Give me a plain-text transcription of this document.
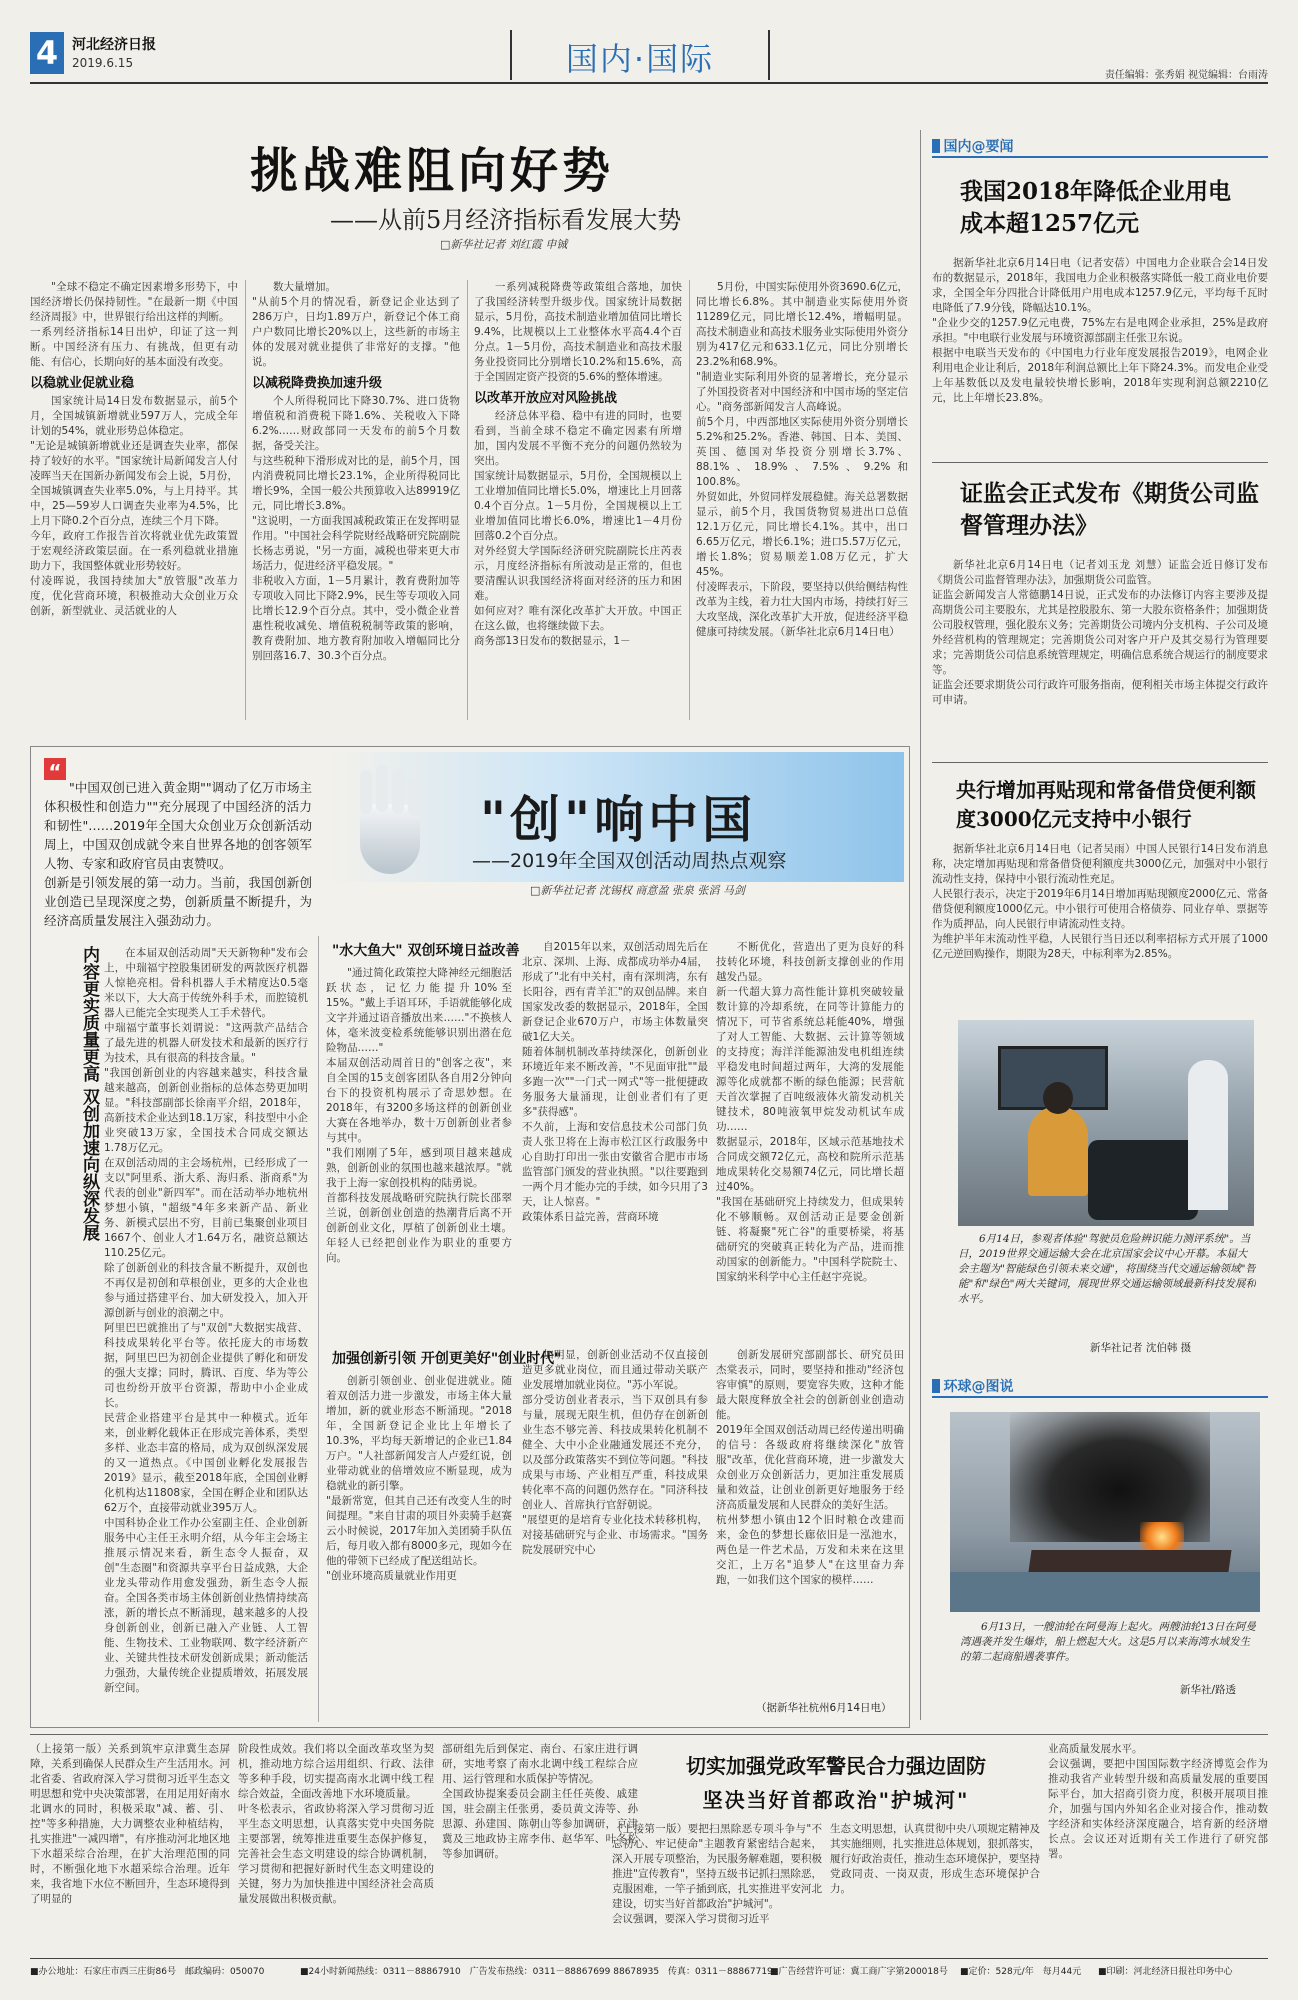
4 河北经济日报
2019.6.15	国内·国际	责任编辑：张秀娟 视觉编辑：台雨涛
挑战难阻向好势
——从前5月经济指标看发展大势
□新华社记者 刘红霞 申铖
"全球不稳定不确定因素增多形势下，中国经济增长仍保持韧性。"在最新一期《中国经济周报》中，世界银行给出这样的判断。
一系列经济指标14日出炉，印证了这一判断。中国经济有压力、有挑战，但更有动能、有信心，长期向好的基本面没有改变。
以稳就业促就业稳
国家统计局14日发布数据显示，前5个月，全国城镇新增就业597万人，完成全年计划的54%，就业形势总体稳定。
"无论是城镇新增就业还是调查失业率，都保持了较好的水平。"国家统计局新闻发言人付凌晖当天在国新办新闻发布会上说，5月份，全国城镇调查失业率5.0%，与上月持平。其中，25—59岁人口调查失业率为4.5%，比上月下降0.2个百分点，连续三个月下降。
今年，政府工作报告首次将就业优先政策置于宏观经济政策层面。在一系列稳就业措施助力下，我国整体就业形势较好。
付凌晖说，我国持续加大"放管服"改革力度，优化营商环境，积极推动大众创业万众创新，新型就业、灵活就业的人
数大量增加。
"从前5个月的情况看，新登记企业达到了286万户，日均1.89万户，新登记个体工商户户数同比增长20%以上，这些新的市场主体的发展对就业提供了非常好的支撑。"他说。
以减税降费换加速升级
个人所得税同比下降30.7%、进口货物增值税和消费税下降1.6%、关税收入下降6.2%……财政部同一天发布的前5个月数据，备受关注。
与这些税种下滑形成对比的是，前5个月，国内消费税同比增长23.1%，企业所得税同比增长9%，全国一般公共预算收入达89919亿元，同比增长3.8%。
"这说明，一方面我国减税政策正在发挥明显作用。"中国社会科学院财经战略研究院副院长杨志勇说，"另一方面，减税也带来更大市场活力，促进经济平稳发展。"
非税收入方面，1－5月累计，教育费附加等专项收入同比下降2.9%，民生等专项收入同比增长12.9个百分点。其中，受小微企业普惠性税收减免、增值税税制等政策的影响，教育费附加、地方教育附加收入增幅同比分别回落16.7、30.3个百分点。
一系列减税降费等政策组合落地，加快了我国经济转型升级步伐。国家统计局数据显示，5月份，高技术制造业增加值同比增长9.4%，比规模以上工业整体水平高4.4个百分点。1－5月份，高技术制造业和高技术服务业投资同比分别增长10.2%和15.6%，高于全国固定资产投资的5.6%的整体增速。
以改革开放应对风险挑战
经济总体平稳、稳中有进的同时，也要看到，当前全球不稳定不确定因素有所增加，国内发展不平衡不充分的问题仍然较为突出。
国家统计局数据显示，5月份，全国规模以上工业增加值同比增长5.0%，增速比上月回落0.4个百分点。1－5月份，全国规模以上工业增加值同比增长6.0%，增速比1－4月份回落0.2个百分点。
对外经贸大学国际经济研究院副院长庄芮表示，月度经济指标有所波动是正常的，但也要清醒认识我国经济将面对经济的压力和困难。
如何应对？唯有深化改革扩大开放。中国正在这么做，也将继续做下去。
商务部13日发布的数据显示，1－
5月份，中国实际使用外资3690.6亿元，同比增长6.8%。其中制造业实际使用外资11289亿元，同比增长12.4%，增幅明显。高技术制造业和高技术服务业实际使用外资分别为417亿元和633.1亿元，同比分别增长23.2%和68.9%。
"制造业实际利用外资的显著增长，充分显示了外国投资者对中国经济和中国市场的坚定信心。"商务部新闻发言人高峰说。
前5个月，中西部地区实际使用外资分别增长5.2%和25.2%。香港、韩国、日本、美国、英国、德国对华投资分别增长3.7%、88.1%、18.9%、7.5%、9.2%和100.8%。
外贸如此，外贸同样发展稳健。海关总署数据显示，前5个月，我国货物贸易进出口总值12.1万亿元，同比增长4.1%。其中，出口6.65万亿元，增长6.1%；进口5.57万亿元，增长1.8%；贸易顺差1.08万亿元，扩大45%。
付凌晖表示，下阶段，要坚持以供给侧结构性改革为主线，着力壮大国内市场，持续打好三大攻坚战，深化改革扩大开放，促进经济平稳健康可持续发展。（新华社北京6月14日电）
国内@要闻
我国2018年降低企业用电成本超1257亿元
据新华社北京6月14日电（记者安蓓）中国电力企业联合会14日发布的数据显示，2018年，我国电力企业积极落实降低一般工商业电价要求，全国全年分四批合计降低用户用电成本1257.9亿元，平均每千瓦时电降低了7.9分钱，降幅达10.1%。
"企业少交的1257.9亿元电费，75%左右是电网企业承担，25%是政府承担。"中电联行业发展与环境资源部副主任张卫东说。
根据中电联当天发布的《中国电力行业年度发展报告2019》，电网企业利用电企业让利后，2018年利润总额比上年下降24.3%。而发电企业受上年基数低以及发电量较快增长影响，2018年实现利润总额2210亿元，比上年增长23.8%。
证监会正式发布《期货公司监督管理办法》
新华社北京6月14日电（记者刘玉龙 刘慧）证监会近日修订发布《期货公司监督管理办法》，加强期货公司监管。
证监会新闻发言人常德鹏14日说，正式发布的办法修订内容主要涉及提高期货公司主要股东，尤其是控股股东、第一大股东资格条件；加强期货公司股权管理，强化股东义务；完善期货公司境内分支机构、子公司及境外经营机构的管理规定；完善期货公司对客户开户及其交易行为管理要求；完善期货公司信息系统管理规定，明确信息系统合规运行的制度要求等。
证监会还要求期货公司行政许可服务指南，便利相关市场主体提交行政许可申请。
央行增加再贴现和常备借贷便利额度3000亿元支持中小银行
据新华社北京6月14日电（记者吴雨）中国人民银行14日发布消息称，决定增加再贴现和常备借贷便利额度共3000亿元，加强对中小银行流动性支持，保持中小银行流动性充足。
人民银行表示，决定于2019年6月14日增加再贴现额度2000亿元、常备借贷便利额度1000亿元。中小银行可使用合格债券、同业存单、票据等作为质押品，向人民银行申请流动性支持。
为维护半年末流动性平稳，人民银行当日还以利率招标方式开展了1000亿元逆回购操作，期限为28天，中标利率为2.85%。
6月14日，参观者体验"驾驶员危险辨识能力测评系统"。当日，2019世界交通运输大会在北京国家会议中心开幕。本届大会主题为"智能绿色引领未来交通"，将围绕当代交通运输领域"智能"和"绿色"两大关键词，展现世界交通运输领域最新科技发展和水平。
新华社记者 沈伯韩 摄
环球@图说
6月13日，一艘油轮在阿曼海上起火。两艘油轮13日在阿曼湾遇袭并发生爆炸，船上燃起大火。这是5月以来海湾水域发生的第二起商船遇袭事件。
新华社/路透
“
"中国双创已进入黄金期""调动了亿万市场主体积极性和创造力""充分展现了中国经济的活力和韧性"……2019年全国大众创业万众创新活动周上，中国双创成就令来自世界各地的创客领军人物、专家和政府官员由衷赞叹。
创新是引领发展的第一动力。当前，我国创新创业创造已呈现深度之势，创新质量不断提升，为经济高质量发展注入强劲动力。
"创"响中国
——2019年全国双创活动周热点观察
□新华社记者 沈锡权 商意盈 张泉 张滔 马剑
内容更实质量更高 双创加速向纵深发展	在本届双创活动周"天天新物种"发布会上，中瑞福宁控股集团研发的两款医疗机器人惊艳亮相。骨科机器人手术精度达0.5毫米以下，大大高于传统外科手术，而腔镜机器人已能完全实现类人工手术替代。
中瑞福宁董事长刘谓说："这两款产品结合了最先进的机器人研发技术和最新的医疗行为技术，具有很高的科技含量。"
"我国创新创业的内容越来越实，科技含量越来越高，创新创业指标的总体态势更加明显。"科技部副部长徐南平介绍，2018年，高新技术企业达到18.1万家，科技型中小企业突破13万家，全国技术合同成交额达1.78万亿元。
在双创活动周的主会场杭州，已经形成了一支以"阿里系、浙大系、海归系、浙商系"为代表的创业"新四军"。而在活动举办地杭州梦想小镇，"超级"4年多来新产品、新业务、新模式层出不穷，目前已集聚创业项目1667个、创业人才1.64万名，融资总额达110.25亿元。
除了创新创业的科技含量不断提升，双创也不再仅是初创和草根创业，更多的大企业也参与通过搭建平台、加大研发投入，加入开源创新与创业的浪潮之中。
阿里巴巴就推出了与"双创"大数据实战营、科技成果转化平台等。依托庞大的市场数据，阿里巴巴为初创企业提供了孵化和研发的强大支撑；同时，腾讯、百度、华为等公司也纷纷开放平台资源，帮助中小企业成长。
民营企业搭建平台是其中一种模式。近年来，创业孵化载体正在形成完善体系，类型多样、业态丰富的格局，成为双创纵深发展的又一道热点。《中国创业孵化发展报告2019》显示，截至2018年底，全国创业孵化机构达11808家，全国在孵企业和团队达62万个，直接带动就业395万人。
中国科协企业工作办公室副主任、企业创新服务中心主任王永明介绍，从今年主会场主推展示情况来看，新生态令人振奋，双创"生态圈"和资源共享平台日益成熟，大企业龙头带动作用愈发强劲，新生态令人振奋。全国各类市场主体创新创业热情持续高涨，新的增长点不断涌现，越来越多的人投身创新创业，创新已融入产业链、人工智能、生物技术、工业物联网、数字经济新产业、关键共性技术研发创新成果；新动能活力强劲，大量传统企业提质增效，拓展发展新空间。
"水大鱼大" 双创环境日益改善
"通过简化政策控大降神经元细胞活跃状态，记忆力能提升10%至15%。"戴上手语耳环，手语就能够化成文字并通过语音播放出来……"不换核人体，毫米波变检系统能够识别出潜在危险物品……"
本届双创活动周首日的"创客之夜"，来自全国的15支创客团队各自用2分钟向台下的投资机构展示了奇思妙想。在2018年，有3200多场这样的创新创业大赛在各地举办，数十万创新创业者参与其中。
"我们刚刚了5年，感到项目越来越成熟，创新创业的氛围也越来越浓厚。"就我于上海一家创投机构的陆勇说。
首都科技发展战略研究院执行院长邵翠兰说，创新创业创造的热潮背后离不开创新创业文化，厚植了创新创业土壤。年轻人已经把创业作为职业的重要方向。
自2015年以来，双创活动周先后在北京、深圳、上海、成都成功举办4届，形成了"北有中关村，南有深圳湾，东有长阳谷，西有青羊汇"的双创品牌。来自国家发改委的数据显示，2018年，全国新登记企业670万户，市场主体数量突破1亿大关。
随着体制机制改革持续深化，创新创业环境近年来不断改善，"不见面审批""最多跑一次""一门式一网式"等一批便捷政务服务大量涌现，让创业者们有了更多"获得感"。
不久前，上海和安信息技术公司部门负责人张卫将在上海市松江区行政服务中心自助打印出一张由安徽省合肥市市场监管部门颁发的营业执照。"以往要跑到一两个月才能办完的手续，如今只用了3天，让人惊喜。"
政策体系日益完善，营商环境
不断优化，营造出了更为良好的科技转化环境，科技创新支撑创业的作用越发凸显。
新一代超大算力高性能计算机突破较量数计算的冷却系统，在同等计算能力的情况下，可节省系统总耗能40%，增强了对人工智能、大数据、云计算等领域的支持度；海洋洋能源油发电机组连续平稳发电时间超过两年，大湾的发展能源等化成就都不断的绿色能源；民营航天首次掌握了百吨级液体火箭发动机关键技术，80吨液氧甲烷发动机试车成功……
数据显示，2018年，区域示范基地技术合同成交额72亿元，高校和院所示范基地成果转化交易额74亿元，同比增长超过40%。
"我国在基础研究上持续发力，但成果转化不够顺畅。双创活动正是要金创新链、将凝聚"死亡谷"的重要桥梁，将基础研究的突破真正转化为产品，进而推动国家的创新能力。"中国科学院院士、国家纳米科学中心主任赵宇亮说。
加强创新引领 开创更美好"创业时代"
创新引领创业、创业促进就业。随着双创活力进一步激发，市场主体大量增加，新的就业形态不断涌现。"2018年，全国新登记企业比上年增长了10.3%，平均每天新增记的企业已1.84万户。"人社部新闻发言人卢爱红说，创业带动就业的倍增效应不断显现，成为稳就业的新引擎。
"最新常宽，但其自己还有改变人生的时间提理。"来自甘肃的项目外卖骑手赵赛云小时候说，2017年加入美团骑手队伍后，每月收入都有8000多元，现如今在他的带领下已经成了配送组站长。
"创业环境高质量就业作用更
加明显，创新创业活动不仅直接创造更多就业岗位，而且通过带动关联产业发展增加就业岗位。"苏小军说。
部分受访创业者表示，当下双创具有参与量，展现无限生机，但仍存在创新创业生态不够完善、科技成果转化机制不健全、大中小企业融通发展还不充分，以及部分政策落实不到位等问题。"科技成果与市场、产业相互严重，科技成果转化率不高的问题仍然存在。"同济科技创业人、首席执行官舒朝说。
"展望更的是培育专业化技术转移机构，对接基础研究与企业、市场需求。"国务院发展研究中心
创新发展研究部副部长、研究员田杰棠表示，同时，要坚持和推动"经济包容审慎"的原则，要宽容失败，这种才能最大限度释放全社会的创新创业创造动能。
2019年全国双创活动周已经传递出明确的信号：各级政府将继续深化"放管服"改革，优化营商环境，进一步激发大众创业万众创新活力，更加注重发展质量和效益，让创业创新更好地服务于经济高质量发展和人民群众的美好生活。
杭州梦想小镇由12个旧时粮仓改建而来，金色的梦想长廊依旧是一泓池水，两色是一件艺术品，万发和未来在这里交汇，上万名"追梦人"在这里奋力奔跑，一如我们这个国家的模样……
（据新华社杭州6月14日电）
（上接第一版）关系到筑牢京津冀生态屏障，关系到确保人民群众生产生活用水。河北省委、省政府深入学习贯彻习近平生态文明思想和党中央决策部署，在用足用好南水北调水的同时，积极采取"减、蓄、引、控"等多种措施，大力调整农业种植结构，扎实推进"一减四增"，有序推动河北地区地下水超采综合治理，在扩大治理范围的同时，不断强化地下水超采综合治理。近年来，我省地下水位不断回升，生态环境得到了明显的
阶段性成效。我们将以全面改革攻坚为契机，推动地方综合运用组织、行政、法律等多种手段，切实提高南水北调中线工程综合效益，全面改善地下水环境质量。
叶冬松表示，省政协将深入学习贯彻习近平生态文明思想，认真落实党中央国务院主要部署，统筹推进重要生态保护修复，完善社会生态文明建设的综合协调机制，学习贯彻和把握好新时代生态文明建设的关键，努力为加快推进中国经济社会高质量发展做出积极贡献。
部研组先后到保定、南台、石家庄进行调研，实地考察了南水北调中线工程综合应用、运行管理和水质保护等情况。
全国政协提案委员会副主任任英俊、戚建国，驻会副主任张勇，委员黄文涛等、孙思源、孙建国、陈朝山等参加调研，京津冀及三地政协主席李伟、赵华军、叶冬松等参加调研。
切实加强党政军警民合力强边固防
坚决当好首都政治"护城河"
（上接第一版）要把扫黑除恶专项斗争与"不忘初心、牢记使命"主题教育紧密结合起来，深入开展专项整治，为民服务解难题，要积极推进"宣传教育"，坚持五级书记抓扫黑除恶，克服困难，一竿子插到底，扎实推进平安河北建设，切实当好首都政治"护城河"。
会议强调，要深入学习贯彻习近平
生态文明思想，认真贯彻中央八项规定精神及其实施细则，扎实推进总体规划，狠抓落实，履行好政治责任，推动生态环境保护，要坚持党政同责、一岗双责，形成生态环境保护合力。
业高质量发展水平。
会议强调，要把中国国际数字经济博览会作为推动我省产业转型升级和高质量发展的重要国际平台，加大招商引资力度，积极开展项目推介，加强与国内外知名企业对接合作，推动数字经济和实体经济深度融合，培育新的经济增长点。会议还对近期有关工作进行了研究部署。
■办公地址：石家庄市西三庄街86号　邮政编码：050070	■24小时新闻热线：0311－88867910　广告发布热线：0311－88867699 88678935　传真：0311－88867719
■广告经营许可证：冀工商广字第200018号 ■定价：528元/年　每月44元 ■印刷：河北经济日报社印务中心
